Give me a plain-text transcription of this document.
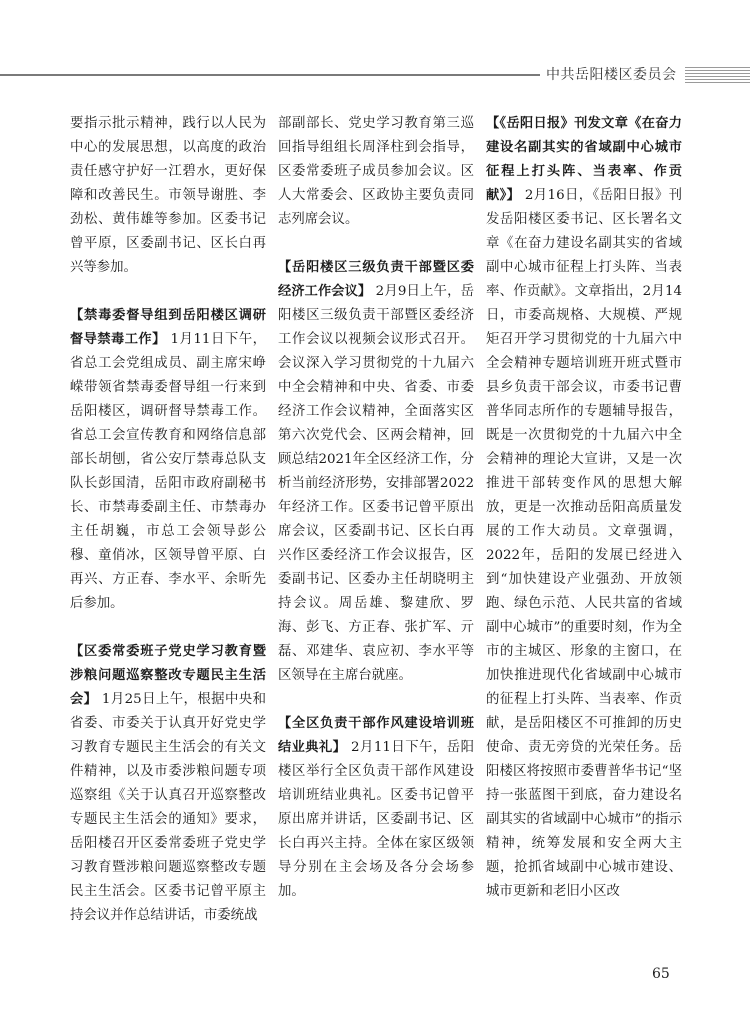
中共岳阳楼区委员会
要指示批示精神，践行以人民为中心的发展思想，以高度的政治责任感守护好一江碧水，更好保障和改善民生。市领导谢胜、李劲松、黄伟雄等参加。区委书记曾平原，区委副书记、区长白再兴等参加。
【禁毒委督导组到岳阳楼区调研督导禁毒工作】 1月11日下午，省总工会党组成员、副主席宋峥嵘带领省禁毒委督导组一行来到岳阳楼区，调研督导禁毒工作。省总工会宣传教育和网络信息部部长胡刨，省公安厅禁毒总队支队长彭国清，岳阳市政府副秘书长、市禁毒委副主任、市禁毒办主任胡巍，市总工会领导彭公穆、童俏冰，区领导曾平原、白再兴、方正春、李水平、余昕先后参加。
【区委常委班子党史学习教育暨涉粮问题巡察整改专题民主生活会】 1月25日上午，根据中央和省委、市委关于认真开好党史学习教育专题民主生活会的有关文件精神，以及市委涉粮问题专项巡察组《关于认真召开巡察整改专题民主生活会的通知》要求，岳阳楼召开区委常委班子党史学习教育暨涉粮问题巡察整改专题民主生活会。区委书记曾平原主持会议并作总结讲话，市委统战
部副部长、党史学习教育第三巡回指导组组长周泽柱到会指导，区委常委班子成员参加会议。区人大常委会、区政协主要负责同志列席会议。
【岳阳楼区三级负责干部暨区委经济工作会议】 2月9日上午，岳阳楼区三级负责干部暨区委经济工作会议以视频会议形式召开。会议深入学习贯彻党的十九届六中全会精神和中央、省委、市委经济工作会议精神，全面落实区第六次党代会、区两会精神，回顾总结2021年全区经济工作，分析当前经济形势，安排部署2022年经济工作。区委书记曾平原出席会议，区委副书记、区长白再兴作区委经济工作会议报告，区委副书记、区委办主任胡晓明主持会议。周岳雄、黎建欣、罗海、彭飞、方正春、张扩军、亓磊、邓建华、袁应初、李水平等区领导在主席台就座。
【全区负责干部作风建设培训班结业典礼】 2月11日下午，岳阳楼区举行全区负责干部作风建设培训班结业典礼。区委书记曾平原出席并讲话，区委副书记、区长白再兴主持。全体在家区级领导分别在主会场及各分会场参加。
【《岳阳日报》刊发文章《在奋力建设名副其实的省域副中心城市征程上打头阵、当表率、作贡献》】 2月16日，《岳阳日报》刊发岳阳楼区委书记、区长署名文章《在奋力建设名副其实的省域副中心城市征程上打头阵、当表率、作贡献》。文章指出，2月14日，市委高规格、大规模、严规矩召开学习贯彻党的十九届六中全会精神专题培训班开班式暨市县乡负责干部会议，市委书记曹普华同志所作的专题辅导报告，既是一次贯彻党的十九届六中全会精神的理论大宣讲，又是一次推进干部转变作风的思想大解放，更是一次推动岳阳高质量发展的工作大动员。文章强调，2022年，岳阳的发展已经进入到“加快建设产业强劲、开放领跑、绿色示范、人民共富的省域副中心城市”的重要时刻，作为全市的主城区、形象的主窗口，在加快推进现代化省域副中心城市的征程上打头阵、当表率、作贡献，是岳阳楼区不可推卸的历史使命、责无旁贷的光荣任务。岳阳楼区将按照市委曹普华书记“坚持一张蓝图干到底，奋力建设名副其实的省域副中心城市”的指示精神，统筹发展和安全两大主题，抢抓省域副中心城市建设、城市更新和老旧小区改
65
